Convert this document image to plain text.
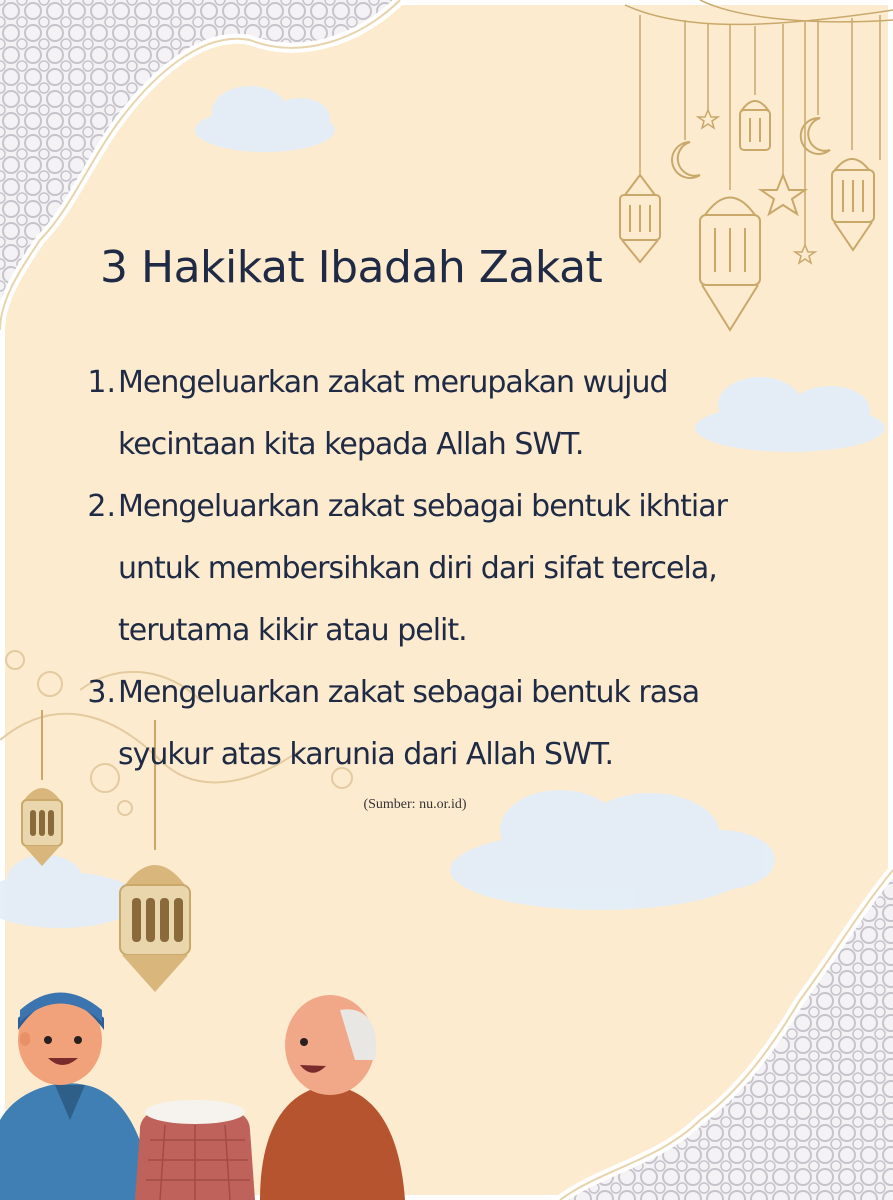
3 Hakikat Ibadah Zakat
1. Mengeluarkan zakat merupakan wujud kecintaan kita kepada Allah SWT.
2. Mengeluarkan zakat sebagai bentuk ikhtiar untuk membersihkan diri dari sifat tercela, terutama kikir atau pelit.
3. Mengeluarkan zakat sebagai bentuk rasa syukur atas karunia dari Allah SWT.
(Sumber: nu.or.id)
